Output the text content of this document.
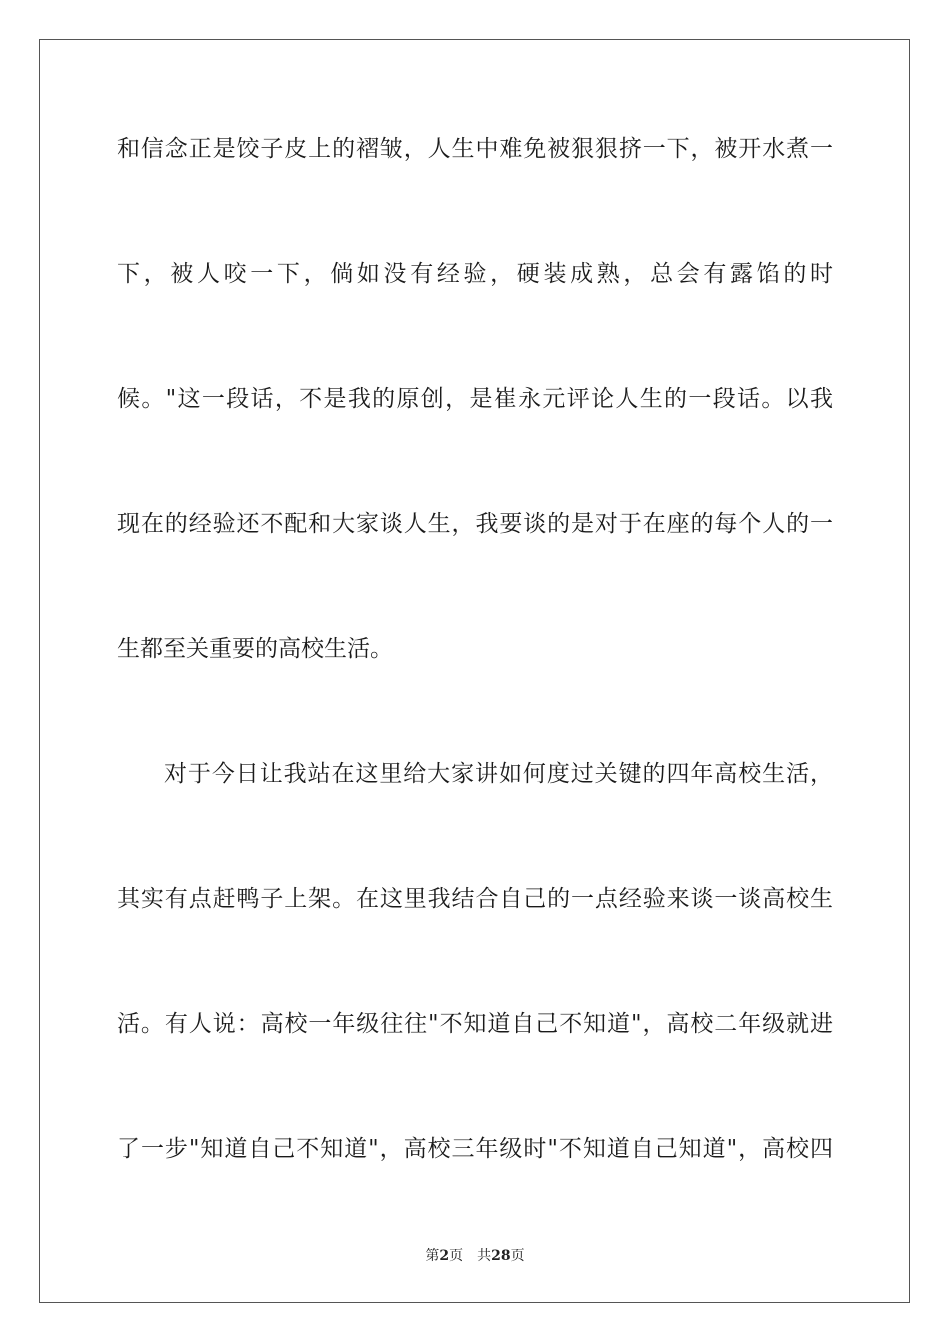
和信念正是饺子皮上的褶皱，人生中难免被狠狠挤一下，被开水煮一
下，被人咬一下，倘如没有经验，硬装成熟，总会有露馅的时
候。"这一段话，不是我的原创，是崔永元评论人生的一段话。以我
现在的经验还不配和大家谈人生，我要谈的是对于在座的每个人的一
生都至关重要的高校生活。
对于今日让我站在这里给大家讲如何度过关键的四年高校生活，
其实有点赶鸭子上架。在这里我结合自己的一点经验来谈一谈高校生
活。有人说：高校一年级往往"不知道自己不知道"，高校二年级就进
了一步"知道自己不知道"，高校三年级时"不知道自己知道"，高校四
第2页 共28页
